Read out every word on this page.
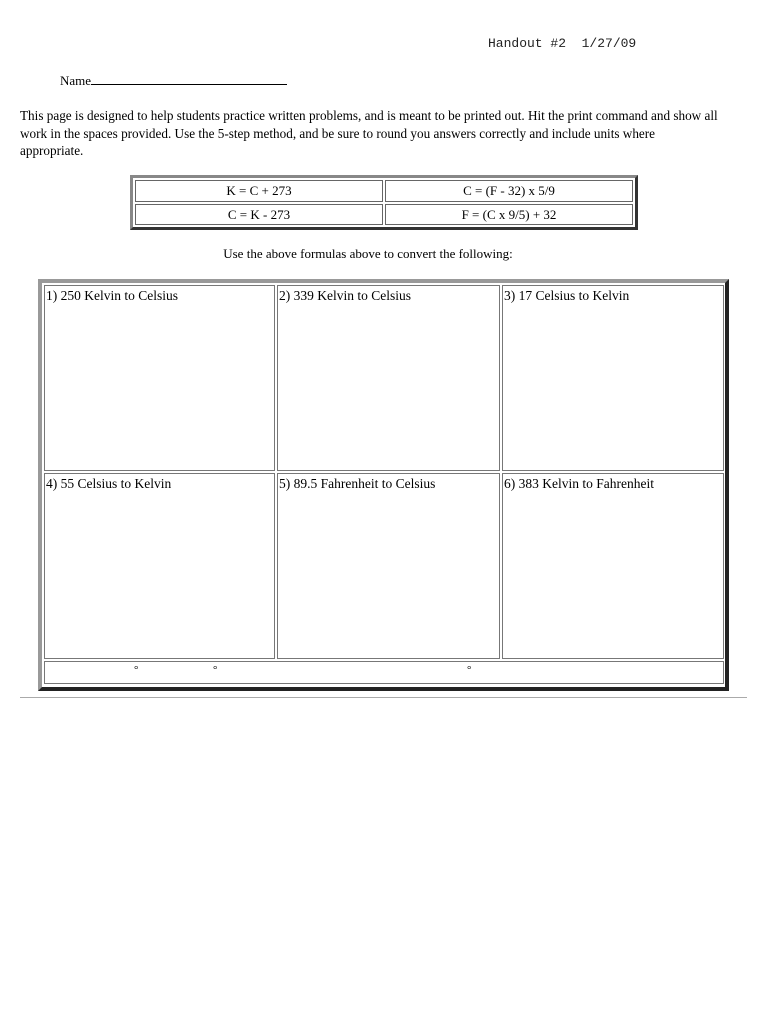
Handout #2 1/27/09
Name
This page is designed to help students practice written problems, and is meant to be printed out. Hit the print command and show all work in the spaces provided. Use the 5-step method, and be sure to round you answers correctly and include units where appropriate.
K = C + 273	C = (F - 32) x 5/9
C = K - 273	F = (C x 9/5) + 32
Use the above formulas above to convert the following:
1) 250 Kelvin to Celsius	2) 339 Kelvin to Celsius	3) 17 Celsius to Kelvin
4) 55 Celsius to Kelvin	5) 89.5 Fahrenheit to Celsius	6) 383 Kelvin to Fahrenheit
°	°	°
